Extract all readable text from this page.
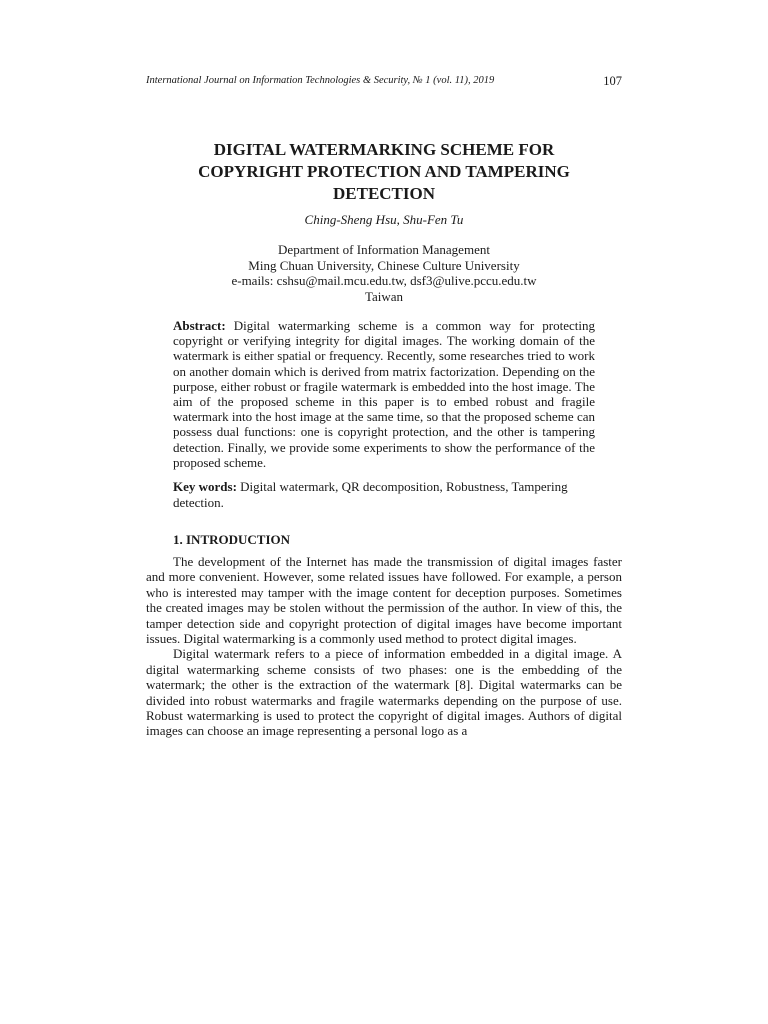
International Journal on Information Technologies & Security, № 1 (vol. 11), 2019	107
DIGITAL WATERMARKING SCHEME FOR
COPYRIGHT PROTECTION AND TAMPERING
DETECTION
Ching-Sheng Hsu, Shu-Fen Tu
Department of Information Management
Ming Chuan University, Chinese Culture University
e-mails: cshsu@mail.mcu.edu.tw, dsf3@ulive.pccu.edu.tw
Taiwan

Abstract: Digital watermarking scheme is a common way for protecting copyright or verifying integrity for digital images. The working domain of the watermark is either spatial or frequency. Recently, some researches tried to work on another domain which is derived from matrix factorization. Depending on the purpose, either robust or fragile watermark is embedded into the host image. The aim of the proposed scheme in this paper is to embed robust and fragile watermark into the host image at the same time, so that the proposed scheme can possess dual functions: one is copyright protection, and the other is tampering detection. Finally, we provide some experiments to show the performance of the proposed scheme.

Key words: Digital watermark, QR decomposition, Robustness, Tampering detection.

1. INTRODUCTION

The development of the Internet has made the transmission of digital images faster and more convenient. However, some related issues have followed. For example, a person who is interested may tamper with the image content for deception purposes. Sometimes the created images may be stolen without the permission of the author. In view of this, the tamper detection side and copyright protection of digital images have become important issues. Digital watermarking is a commonly used method to protect digital images.

Digital watermark refers to a piece of information embedded in a digital image. A digital watermarking scheme consists of two phases: one is the embedding of the watermark; the other is the extraction of the watermark [8]. Digital watermarks can be divided into robust watermarks and fragile watermarks depending on the purpose of use. Robust watermarking is used to protect the copyright of digital images. Authors of digital images can choose an image representing a personal logo as a
